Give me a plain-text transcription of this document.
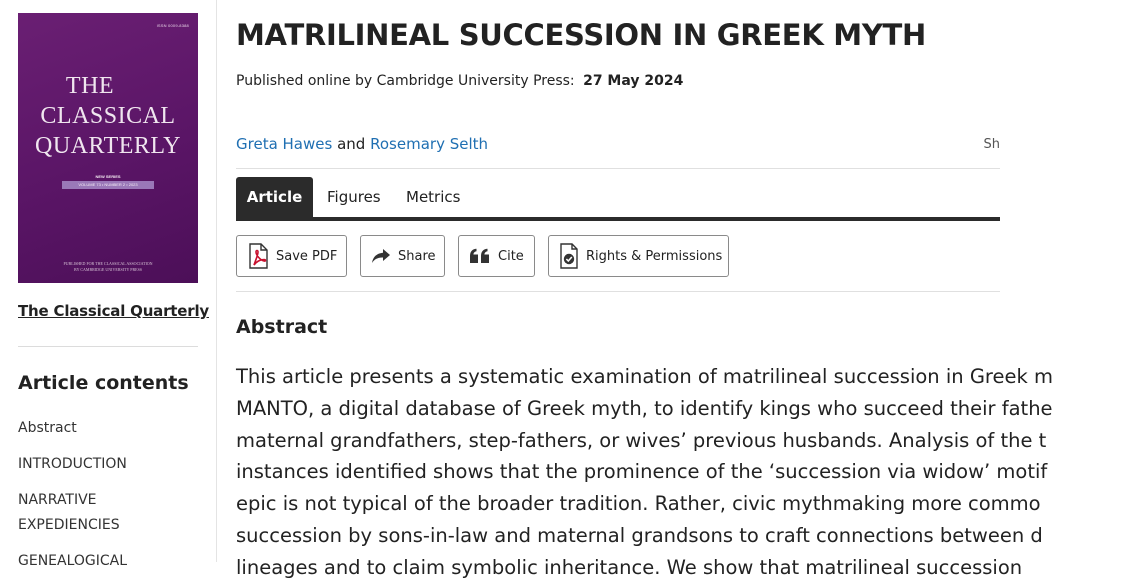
ISSN 0009-8388
THE
CLASSICAL
QUARTERLY
NEW SERIES
VOLUME 73 • NUMBER 2 • 2023
PUBLISHED FOR THE CLASSICAL ASSOCIATION
BY CAMBRIDGE UNIVERSITY PRESS
The Classical Quarterly
Article contents
Abstract
INTRODUCTION
NARRATIVE
EXPEDIENCIES
GENEALOGICAL
MATRILINEAL SUCCESSION IN GREEK MYTH
Published online by Cambridge University Press: 27 May 2024
Greta Hawes and Rosemary Selth	Sh
Article	Figures Metrics
Save PDF	Share	Cite	Rights & Permissions
Abstract
This article presents a systematic examination of matrilineal succession in Greek m
MANTO, a digital database of Greek myth, to identify kings who succeed their fathe
maternal grandfathers, step-fathers, or wives’ previous husbands. Analysis of the t
instances identified shows that the prominence of the ‘succession via widow’ motif
epic is not typical of the broader tradition. Rather, civic mythmaking more commo
succession by sons-in-law and maternal grandsons to craft connections between d
lineages and to claim symbolic inheritance. We show that matrilineal succession
